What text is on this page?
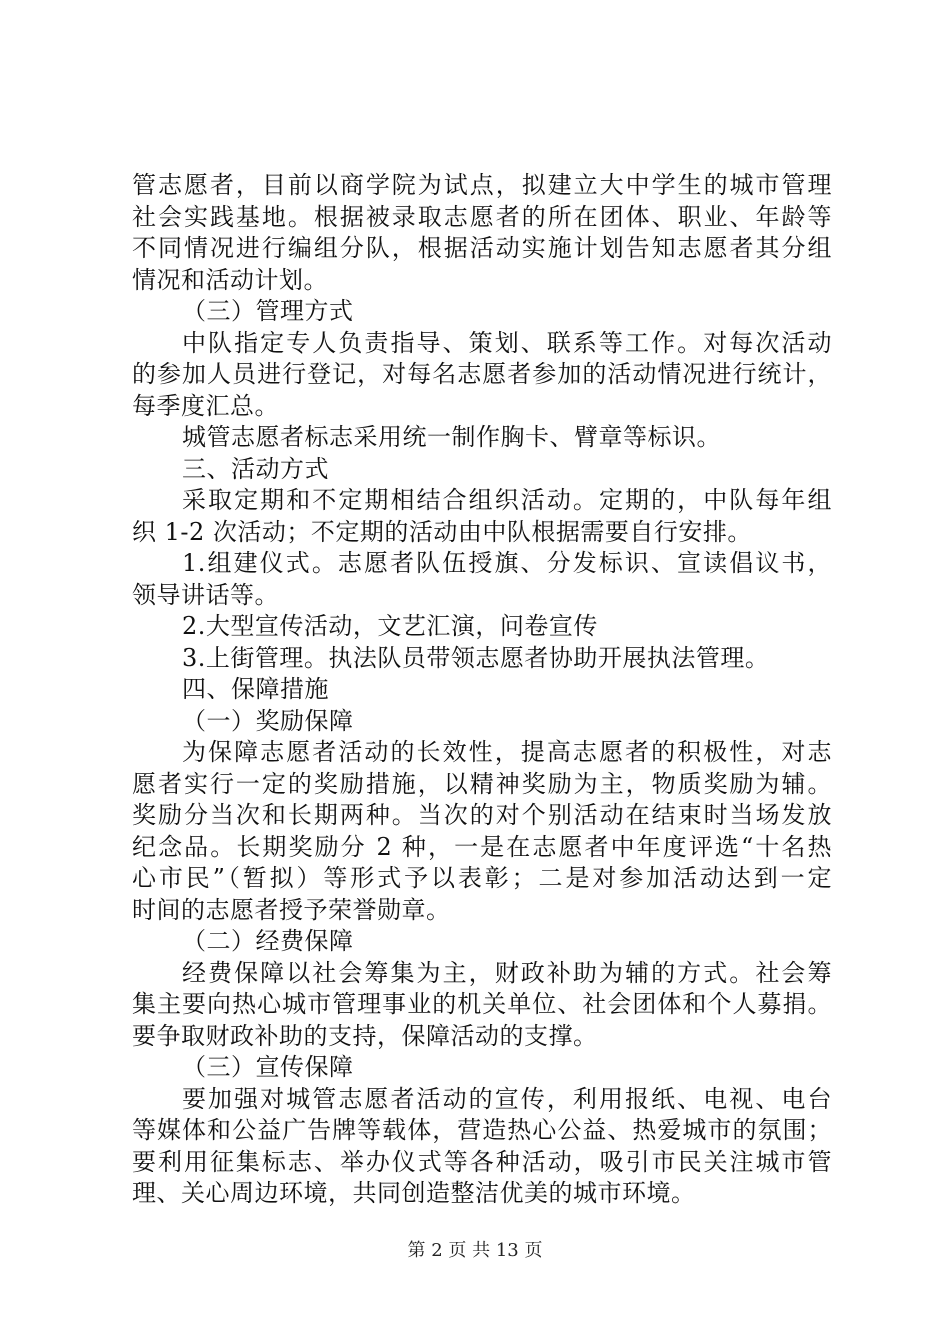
管志愿者，目前以商学院为试点，拟建立大中学生的城市管理
社会实践基地。根据被录取志愿者的所在团体、职业、年龄等
不同情况进行编组分队，根据活动实施计划告知志愿者其分组
情况和活动计划。
（三）管理方式
中队指定专人负责指导、策划、联系等工作。对每次活动
的参加人员进行登记，对每名志愿者参加的活动情况进行统计，
每季度汇总。
城管志愿者标志采用统一制作胸卡、臂章等标识。
三、活动方式
采取定期和不定期相结合组织活动。定期的，中队每年组
织 1-2 次活动；不定期的活动由中队根据需要自行安排。
1.组建仪式。志愿者队伍授旗、分发标识、宣读倡议书，
领导讲话等。
2.大型宣传活动，文艺汇演，问卷宣传
3.上街管理。执法队员带领志愿者协助开展执法管理。
四、保障措施
（一）奖励保障
为保障志愿者活动的长效性，提高志愿者的积极性，对志
愿者实行一定的奖励措施，以精神奖励为主，物质奖励为辅。
奖励分当次和长期两种。当次的对个别活动在结束时当场发放
纪念品。长期奖励分 2 种，一是在志愿者中年度评选“十名热
心市民”（暂拟）等形式予以表彰；二是对参加活动达到一定
时间的志愿者授予荣誉勋章。
（二）经费保障
经费保障以社会筹集为主，财政补助为辅的方式。社会筹
集主要向热心城市管理事业的机关单位、社会团体和个人募捐。
要争取财政补助的支持，保障活动的支撑。
（三）宣传保障
要加强对城管志愿者活动的宣传，利用报纸、电视、电台
等媒体和公益广告牌等载体，营造热心公益、热爱城市的氛围；
要利用征集标志、举办仪式等各种活动，吸引市民关注城市管
理、关心周边环境，共同创造整洁优美的城市环境。
第 2 页 共 13 页
